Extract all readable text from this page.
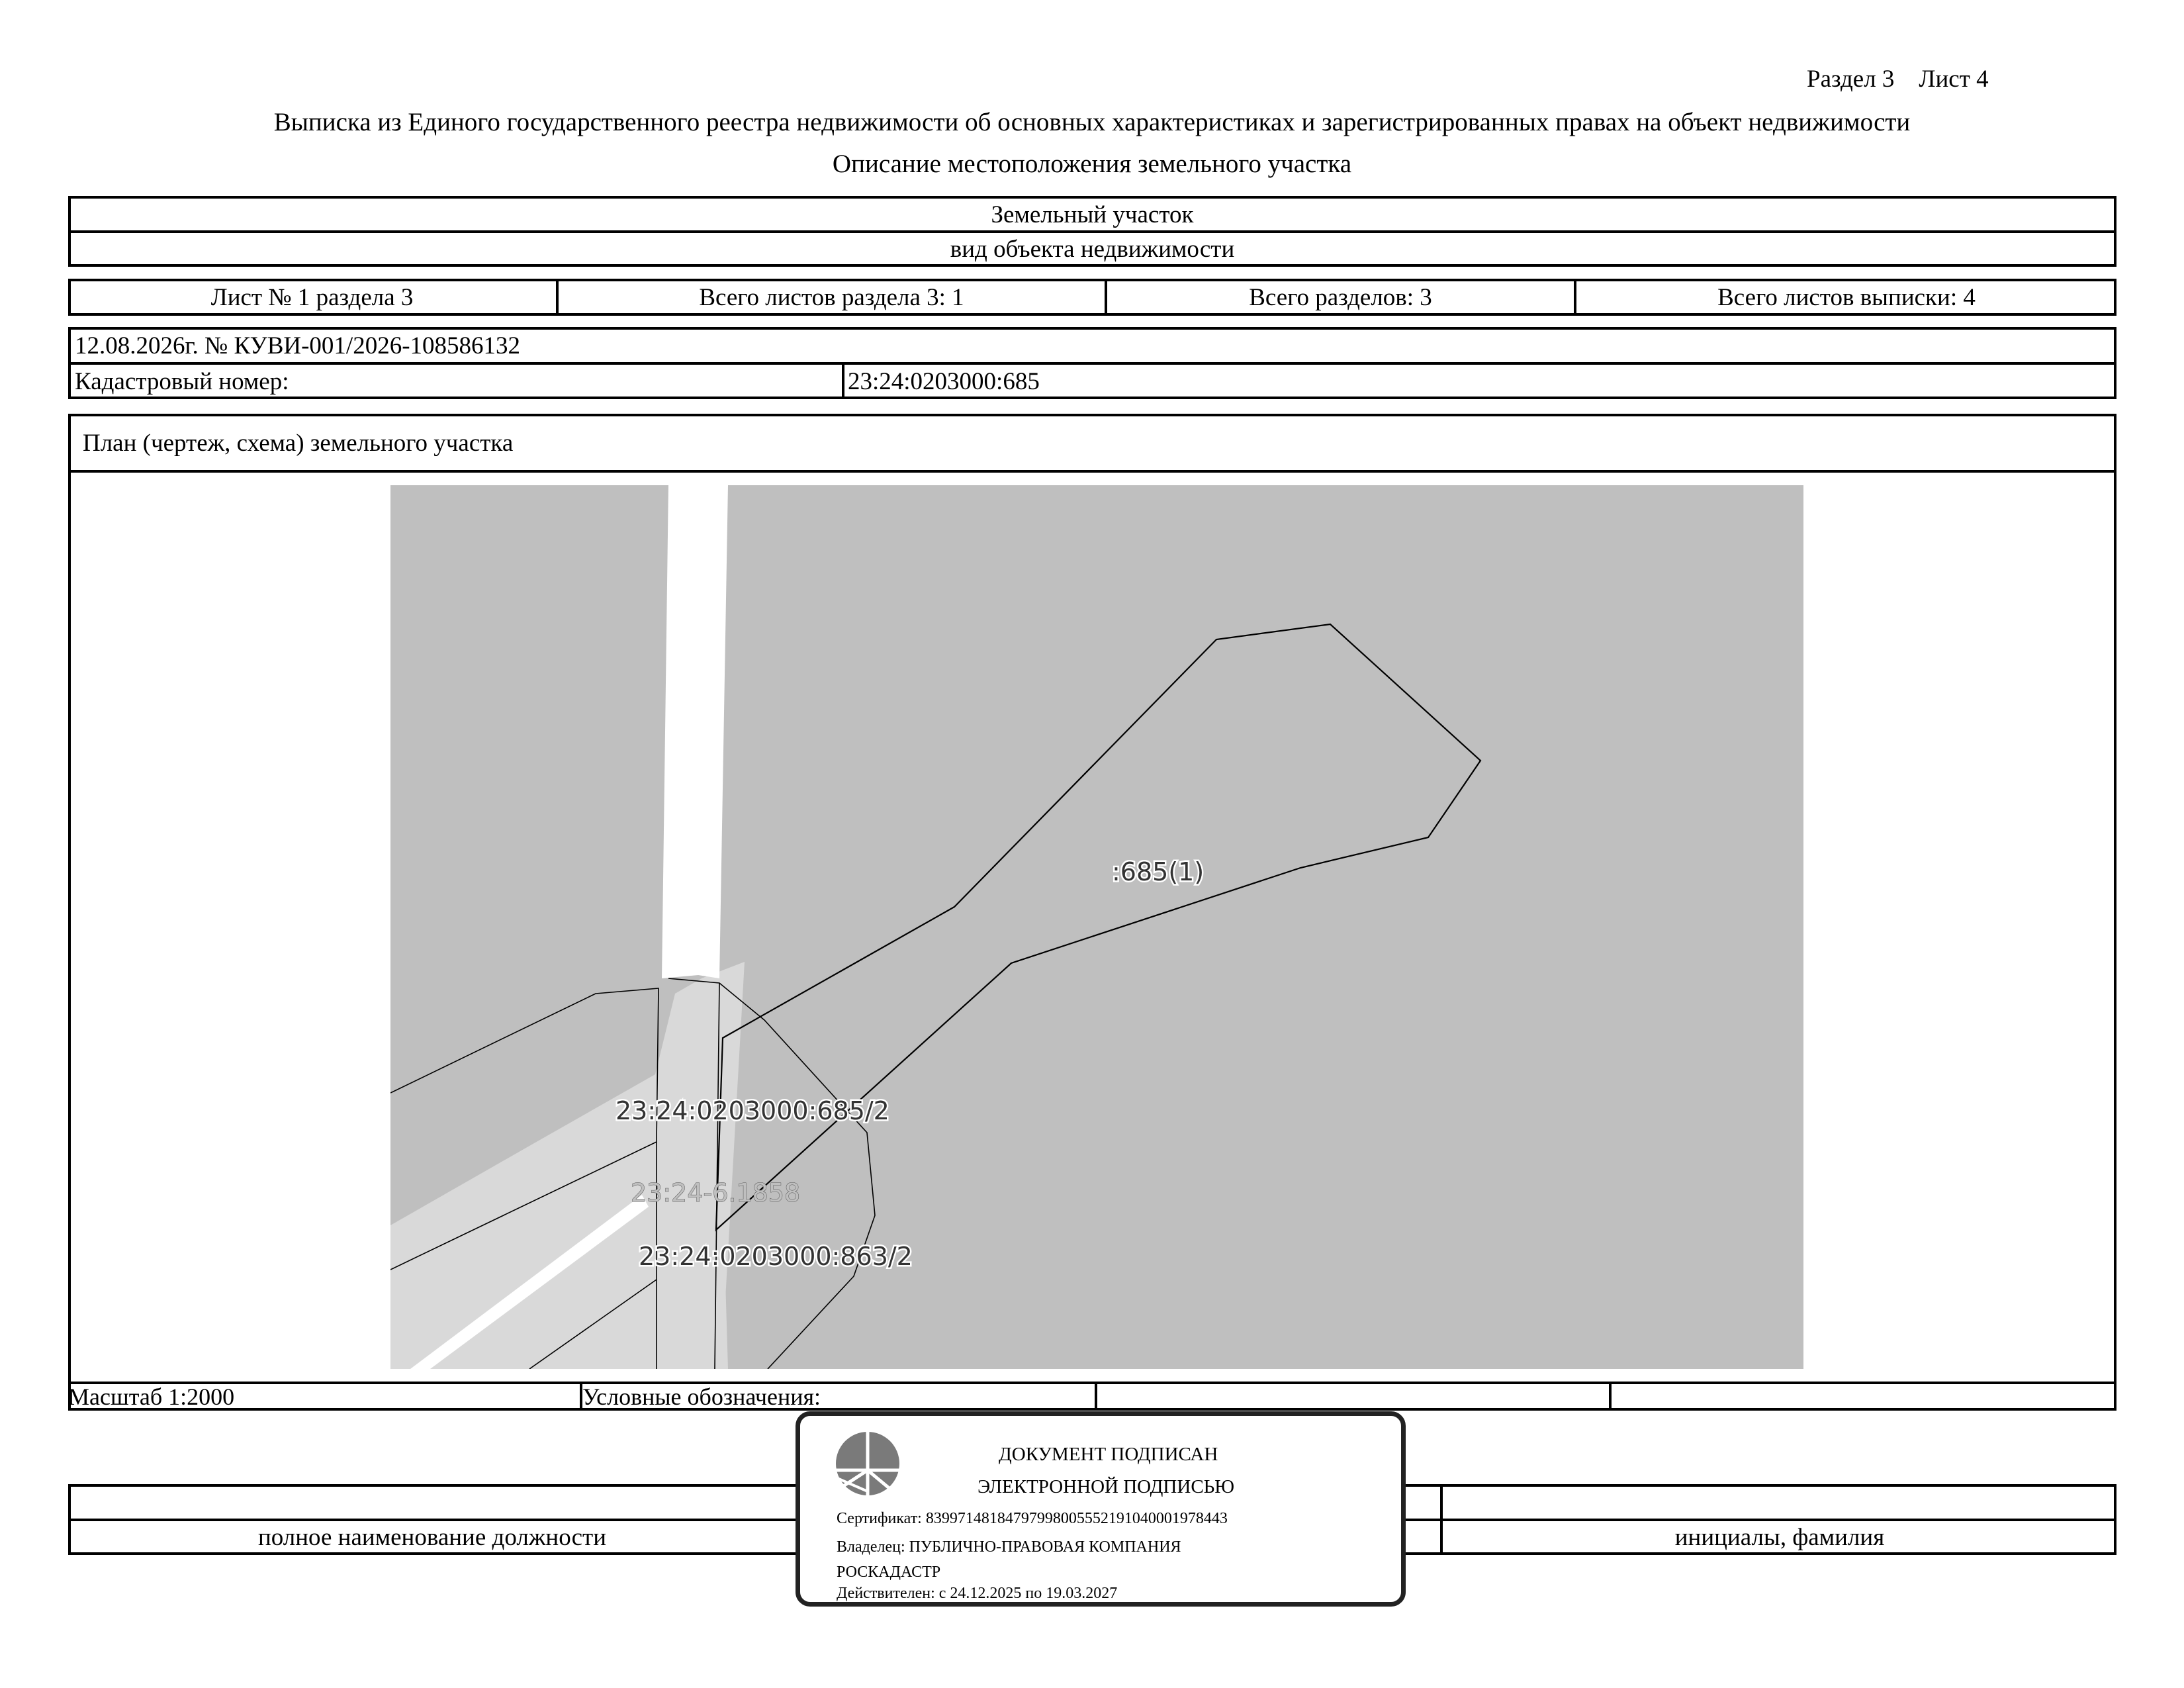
Раздел 3    Лист 4
Выписка из Единого государственного реестра недвижимости об основных характеристиках и зарегистрированных правах на объект недвижимости
Описание местоположения земельного участка
Земельный участок
вид объекта недвижимости
Лист № 1 раздела 3	Всего листов раздела 3: 1	Всего разделов: 3	Всего листов выписки: 4
12.08.2026г. № КУВИ-001/2026-108586132
Кадастровый номер:	23:24:0203000:685
План (чертеж, схема) земельного участка
:685(1)
23:24:0203000:685/2
23:24-6.1858
23:24:0203000:863/2
Масштаб 1:2000	Условные обозначения:
полное наименование должности	инициалы, фамилия
ДОКУМЕНТ ПОДПИСАН
ЭЛЕКТРОННОЙ ПОДПИСЬЮ
Сертификат: 839971481847979980055521910400019784​43
Владелец: ПУБЛИЧНО-ПРАВОВАЯ КОМПАНИЯ
РОСКАДАСТР
Действителен: с 24.12.2025 по 19.03.2027
